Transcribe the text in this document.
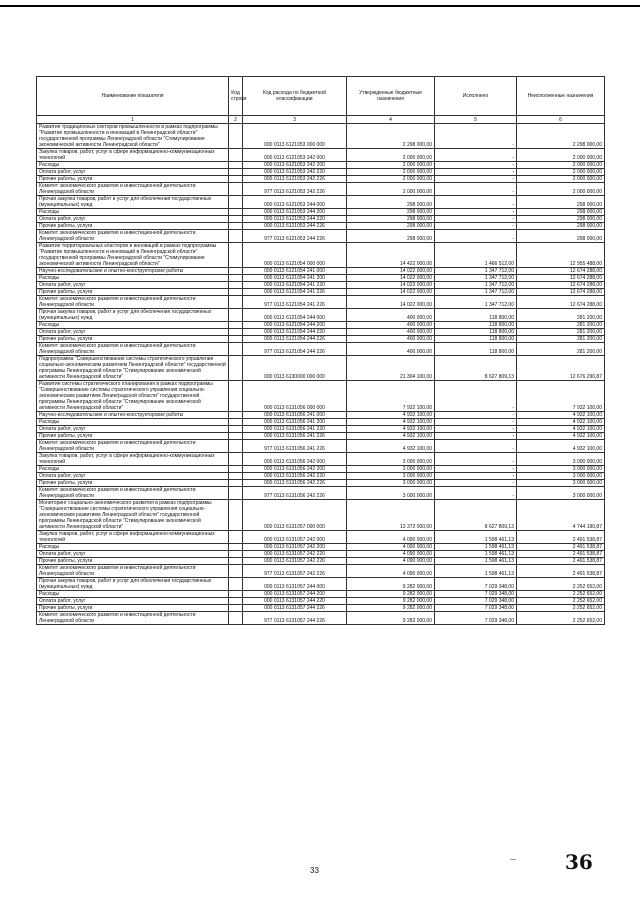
Наименование показателя	Код строки	Код расхода по бюджетной классификации	Утвержденные бюджетные назначения	Исполнено	Неисполненные назначения
1	2	3	4	5	6
Развитие традиционных секторов промышленности в рамках подпрограммы "Развитие промышленности и инноваций в Ленинградской области" государственной программы Ленинградской области "Стимулирование экономической активности Ленинградской области"		000 0113 6121053 000 000	2 298 000,00	-	2 298 000,00
Закупка товаров, работ, услуг в сфере информационно-коммуникационных технологий		000 0113 6121053 242 000	2 000 000,00	-	2 000 000,00
Расходы		000 0113 6121053 242 200	2 000 000,00	-	2 000 000,00
Оплата работ, услуг		000 0113 6121053 242 220	2 000 000,00	-	2 000 000,00
Прочие работы, услуги		000 0113 6121053 242 226	2 000 000,00	-	2 000 000,00
Комитет экономического развития и инвестиционной деятельности Ленинградской области		977 0113 6121053 242 226	2 000 000,00	-	2 000 000,00
Прочая закупка товаров, работ и услуг для обеспечения государственных (муниципальных) нужд		000 0113 6121053 244 000	298 000,00	-	298 000,00
Расходы		000 0113 6121053 244 200	298 000,00	-	298 000,00
Оплата работ, услуг		000 0113 6121053 244 220	298 000,00	-	298 000,00
Прочие работы, услуги		000 0113 6121053 244 226	298 000,00	-	298 000,00
Комитет экономического развития и инвестиционной деятельности Ленинградской области		977 0113 6121053 244 226	298 000,00	-	298 000,00
Развитие территориальных кластеров и инноваций в рамках подпрограммы "Развитие промышленности и инноваций в Ленинградской области" государственной программы Ленинградской области "Стимулирование экономической активности Ленинградской области"		000 0113 6121054 000 000	14 422 000,00	1 466 512,00	12 955 488,00
Научно-исследовательские и опытно-конструкторские работы		000 0113 6121054 241 000	14 022 000,00	1 347 712,00	12 674 288,00
Расходы		000 0113 6121054 241 200	14 022 000,00	1 347 712,00	12 674 288,00
Оплата работ, услуг		000 0113 6121054 241 220	14 022 000,00	1 347 712,00	12 674 288,00
Прочие работы, услуги		000 0113 6121054 241 226	14 022 000,00	1 347 712,00	12 674 288,00
Комитет экономического развития и инвестиционной деятельности Ленинградской области		977 0113 6121054 241 226	14 022 000,00	1 347 712,00	12 674 288,00
Прочая закупка товаров, работ и услуг для обеспечения государственных (муниципальных) нужд		000 0113 6121054 244 000	400 000,00	118 800,00	281 200,00
Расходы		000 0113 6121054 244 200	400 000,00	118 800,00	281 200,00
Оплата работ, услуг		000 0113 6121054 244 220	400 000,00	118 800,00	281 200,00
Прочие работы, услуги		000 0113 6121054 244 226	400 000,00	118 800,00	281 200,00
Комитет экономического развития и инвестиционной деятельности Ленинградской области		977 0113 6121054 244 226	400 000,00	118 800,00	281 200,00
Подпрограмма "Совершенствование системы стратегического управления социально-экономическим развитием Ленинградской области" государственной программы Ленинградской области "Стимулирование экономической активности Ленинградской области"		000 0113 6130000 000 000	21 304 100,00	8 627 809,13	12 676 290,87
Развитие системы стратегического планирования в рамках подпрограммы "Совершенствование системы стратегического управления социально-экономическим развитием Ленинградской области" государственной программы Ленинградской области "Стимулирование экономической активности Ленинградской области"		000 0113 6131056 000 000	7 932 100,00	-	7 932 100,00
Научно-исследовательские и опытно-конструкторские работы		000 0113 6131056 241 000	4 932 100,00	-	4 932 100,00
Расходы		000 0113 6131056 241 200	4 932 100,00	-	4 932 100,00
Оплата работ, услуг		000 0113 6131056 241 220	4 932 100,00	-	4 932 100,00
Прочие работы, услуги		000 0113 6131056 241 226	4 932 100,00	-	4 932 100,00
Комитет экономического развития и инвестиционной деятельности Ленинградской области		977 0113 6131056 241 226	4 932 100,00	-	4 932 100,00
Закупка товаров, работ, услуг в сфере информационно-коммуникационных технологий		000 0113 6131056 242 000	3 000 000,00	-	3 000 000,00
Расходы		000 0113 6131056 242 200	3 000 000,00	-	3 000 000,00
Оплата работ, услуг		000 0113 6131056 242 220	3 000 000,00	-	3 000 000,00
Прочие работы, услуги		000 0113 6131056 242 226	3 000 000,00	-	3 000 000,00
Комитет экономического развития и инвестиционной деятельности Ленинградской области		977 0113 6131056 242 226	3 000 000,00	-	3 000 000,00
Мониторинг социально-экономического развития в рамках подпрограммы "Совершенствование системы стратегического управления социально-экономическим развитием Ленинградской области" государственной программы Ленинградской области "Стимулирование экономической активности Ленинградской области"		000 0113 6131057 000 000	13 372 000,00	8 627 809,13	4 744 190,87
Закупка товаров, работ, услуг в сфере информационно-коммуникационных технологий		000 0113 6131057 242 000	4 090 000,00	1 598 461,13	2 491 538,87
Расходы		000 0113 6131057 242 200	4 090 000,00	1 598 461,13	2 491 538,87
Оплата работ, услуг		000 0113 6131057 242 220	4 090 000,00	1 598 461,13	2 491 538,87
Прочие работы, услуги		000 0113 6131057 242 226	4 090 000,00	1 598 461,13	2 491 538,87
Комитет экономического развития и инвестиционной деятельности Ленинградской области		977 0113 6131057 242 226	4 090 000,00	1 598 461,13	2 491 538,87
Прочая закупка товаров, работ и услуг для обеспечения государственных (муниципальных) нужд		000 0113 6131057 244 000	9 282 000,00	7 029 348,00	2 252 652,00
Расходы		000 0113 6131057 244 200	9 282 000,00	7 029 348,00	2 252 652,00
Оплата работ, услуг		000 0113 6131057 244 220	9 282 000,00	7 029 348,00	2 252 652,00
Прочие работы, услуги		000 0113 6131057 244 226	9 282 000,00	7 029 348,00	2 252 652,00
Комитет экономического развития и инвестиционной деятельности Ленинградской области		977 0113 6131057 244 226	9 282 000,00	7 029 348,00	2 252 652,00
—
33	36
